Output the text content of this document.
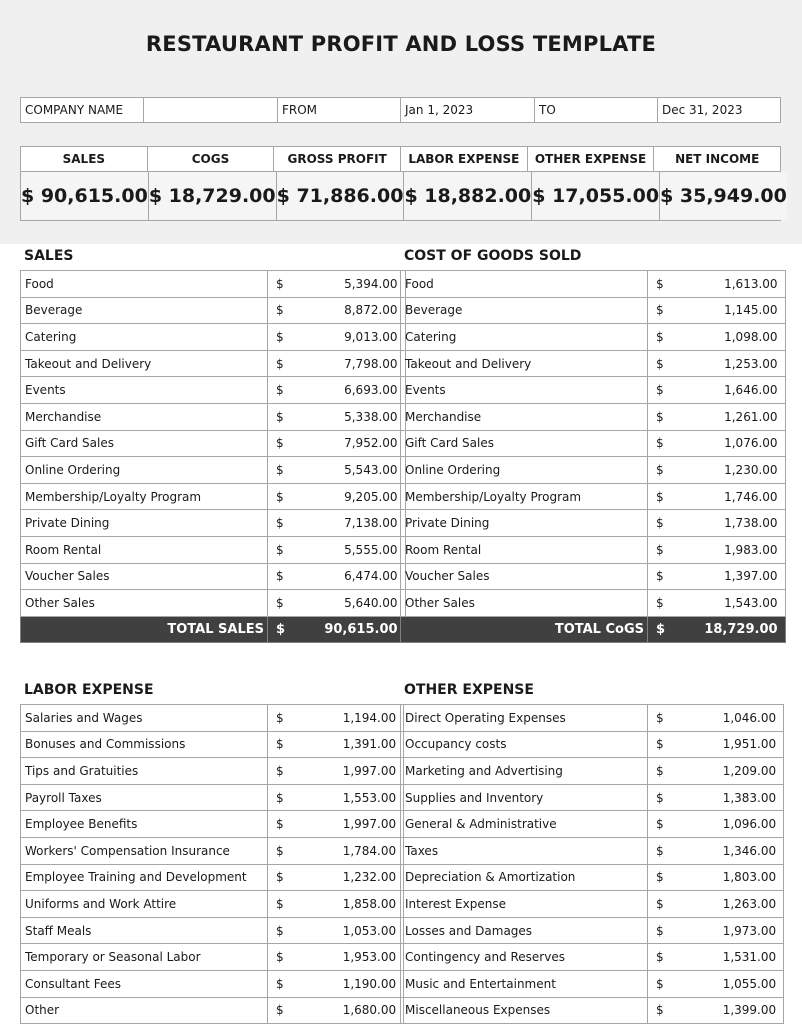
RESTAURANT PROFIT AND LOSS TEMPLATE
COMPANY NAME	FROM	Jan 1, 2023	TO	Dec 31, 2023
SALES	COGS	GROSS PROFIT	LABOR EXPENSE	OTHER EXPENSE	NET INCOME
$ 90,615.00 $ 18,729.00 $ 71,886.00 $ 18,882.00 $ 17,055.00 $ 35,949.00
SALES	COST OF GOODS SOLD
LABOR EXPENSE	OTHER EXPENSE
Food	$	5,394.00
Beverage	$	8,872.00
Catering	$	9,013.00
Takeout and Delivery	$	7,798.00
Events	$	6,693.00
Merchandise	$	5,338.00
Gift Card Sales	$	7,952.00
Online Ordering	$	5,543.00
Membership/Loyalty Program	$	9,205.00
Private Dining	$	7,138.00
Room Rental	$	5,555.00
Voucher Sales	$	6,474.00
Other Sales	$	5,640.00
TOTAL SALES	$	90,615.00
Food	$	1,613.00
Beverage	$	1,145.00
Catering	$	1,098.00
Takeout and Delivery	$	1,253.00
Events	$	1,646.00
Merchandise	$	1,261.00
Gift Card Sales	$	1,076.00
Online Ordering	$	1,230.00
Membership/Loyalty Program	$	1,746.00
Private Dining	$	1,738.00
Room Rental	$	1,983.00
Voucher Sales	$	1,397.00
Other Sales	$	1,543.00
TOTAL CoGS	$	18,729.00
Salaries and Wages	$	1,194.00
Bonuses and Commissions	$	1,391.00
Tips and Gratuities	$	1,997.00
Payroll Taxes	$	1,553.00
Employee Benefits	$	1,997.00
Workers' Compensation Insurance	$	1,784.00
Employee Training and Development	$	1,232.00
Uniforms and Work Attire	$	1,858.00
Staff Meals	$	1,053.00
Temporary or Seasonal Labor	$	1,953.00
Consultant Fees	$	1,190.00
Other	$	1,680.00
Direct Operating Expenses	$	1,046.00
Occupancy costs	$	1,951.00
Marketing and Advertising	$	1,209.00
Supplies and Inventory	$	1,383.00
General & Administrative	$	1,096.00
Taxes	$	1,346.00
Depreciation & Amortization	$	1,803.00
Interest Expense	$	1,263.00
Losses and Damages	$	1,973.00
Contingency and Reserves	$	1,531.00
Music and Entertainment	$	1,055.00
Miscellaneous Expenses	$	1,399.00
